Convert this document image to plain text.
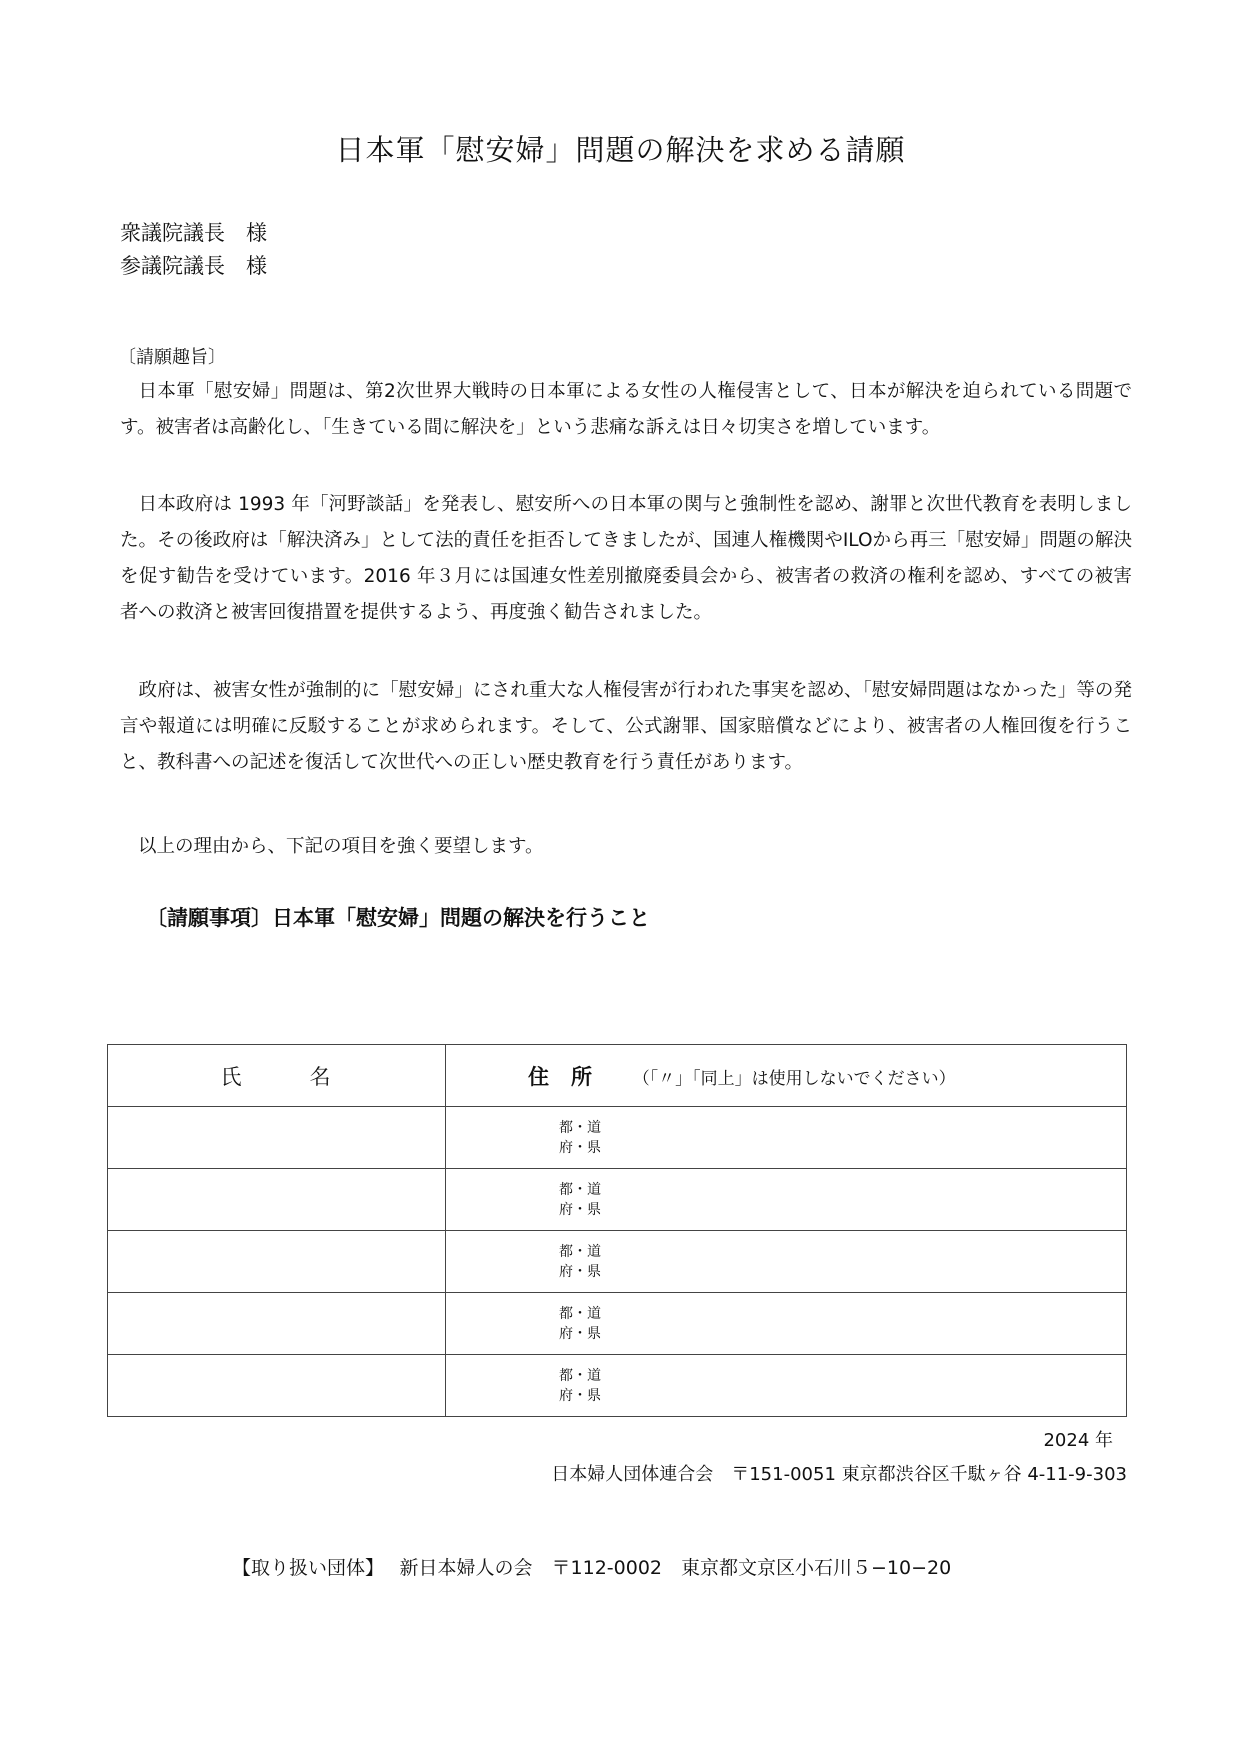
日本軍「慰安婦」問題の解決を求める請願
衆議院議長　様
参議院議長　様
〔請願趣旨〕

日本軍「慰安婦」問題は、第2次世界大戦時の日本軍による女性の人権侵害として、日本が解決を迫られている問題です。被害者は高齢化し、「生きている間に解決を」という悲痛な訴えは日々切実さを増しています。

日本政府は 1993 年「河野談話」を発表し、慰安所への日本軍の関与と強制性を認め、謝罪と次世代教育を表明しました。その後政府は「解決済み」として法的責任を拒否してきましたが、国連人権機関やILOから再三「慰安婦」問題の解決を促す勧告を受けています。2016 年３月には国連女性差別撤廃委員会から、被害者の救済の権利を認め、すべての被害者への救済と被害回復措置を提供するよう、再度強く勧告されました。

政府は、被害女性が強制的に「慰安婦」にされ重大な人権侵害が行われた事実を認め、「慰安婦問題はなかった」等の発言や報道には明確に反駁することが求められます。そして、公式謝罪、国家賠償などにより、被害者の人権回復を行うこと、教科書への記述を復活して次世代への正しい歴史教育を行う責任があります。

以上の理由から、下記の項目を強く要望します。
〔請願事項〕日本軍「慰安婦」問題の解決を行うこと
氏 名	住 所 （「〃」「同上」は使用しないでください）

	都・道
府・県

	都・道
府・県

	都・道
府・県

	都・道
府・県

	都・道
府・県
2024 年
日本婦人団体連合会　〒151-0051 東京都渋谷区千駄ヶ谷 4-11-9-303
【取り扱い団体】　 新日本婦人の会　〒112-0002　東京都文京区小石川５−10−20
